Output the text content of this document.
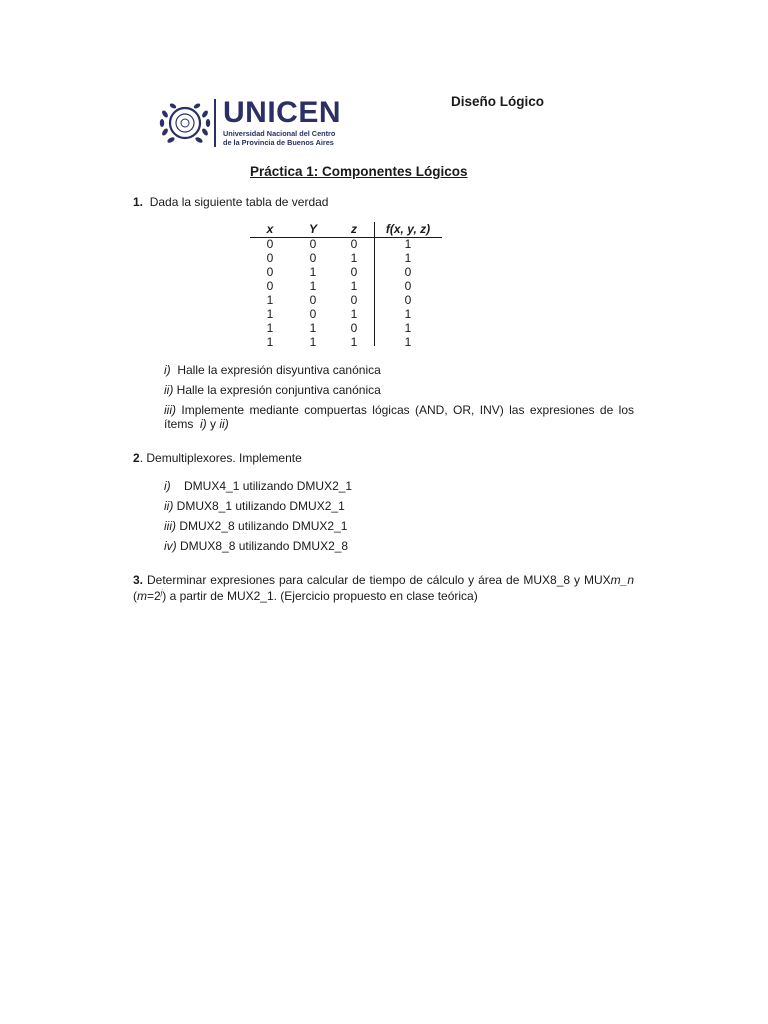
UNICEN
Universidad Nacional del Centro
de la Provincia de Buenos Aires
Diseño Lógico
Práctica 1: Componentes Lógicos
1. Dada la siguiente tabla de verdad
x	Y	z	f(x, y, z)
0	0	0	1
0	0	1	1
0	1	0	0
0	1	1	0
1	0	0	0
1	0	1	1
1	1	0	1
1	1	1	1
i) Halle la expresión disyuntiva canónica
ii) Halle la expresión conjuntiva canónica
iii) Implemente mediante compuertas lógicas (AND, OR, INV) las expresiones de los ítems i) y ii)
2. Demultiplexores. Implemente
i) DMUX4_1 utilizando DMUX2_1
ii) DMUX8_1 utilizando DMUX2_1
iii) DMUX2_8 utilizando DMUX2_1
iv) DMUX8_8 utilizando DMUX2_8
3. Determinar expresiones para calcular de tiempo de cálculo y área de MUX8_8 y MUXm_n $(m=2^j)$ a partir de MUX2_1. (Ejercicio propuesto en clase teórica)
